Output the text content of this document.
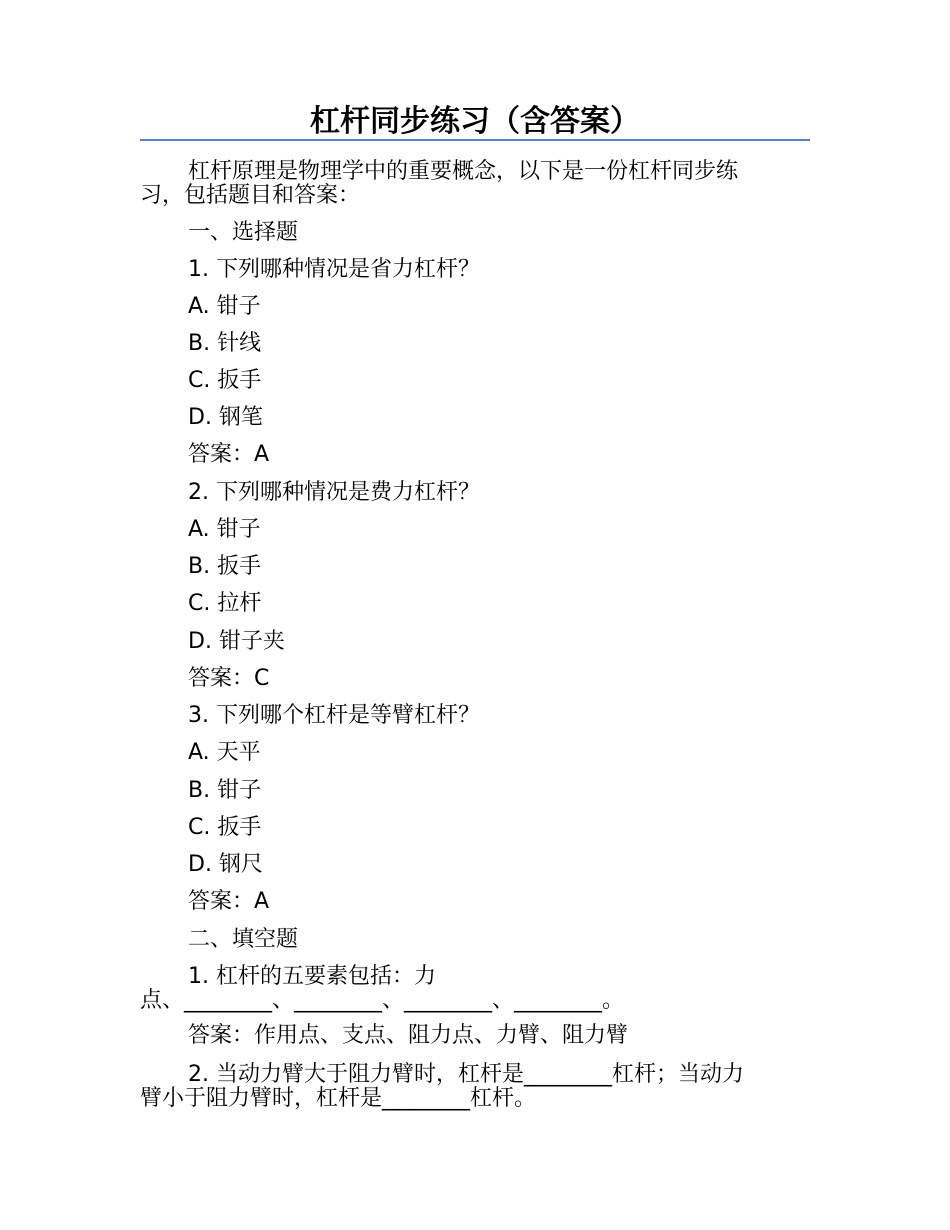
杠杆同步练习（含答案）
杠杆原理是物理学中的重要概念，以下是一份杠杆同步练
习，包括题目和答案：
一、选择题
1. 下列哪种情况是省力杠杆？
A. 钳子
B. 针线
C. 扳手
D. 钢笔
答案：A
2. 下列哪种情况是费力杠杆？
A. 钳子
B. 扳手
C. 拉杆
D. 钳子夹
答案：C
3. 下列哪个杠杆是等臂杠杆？
A. 天平
B. 钳子
C. 扳手
D. 钢尺
答案：A
二、填空题
1. 杠杆的五要素包括：力
点、________、________、________、________。
答案：作用点、支点、阻力点、力臂、阻力臂
2. 当动力臂大于阻力臂时，杠杆是________杠杆；当动力
臂小于阻力臂时，杠杆是________杠杆。
